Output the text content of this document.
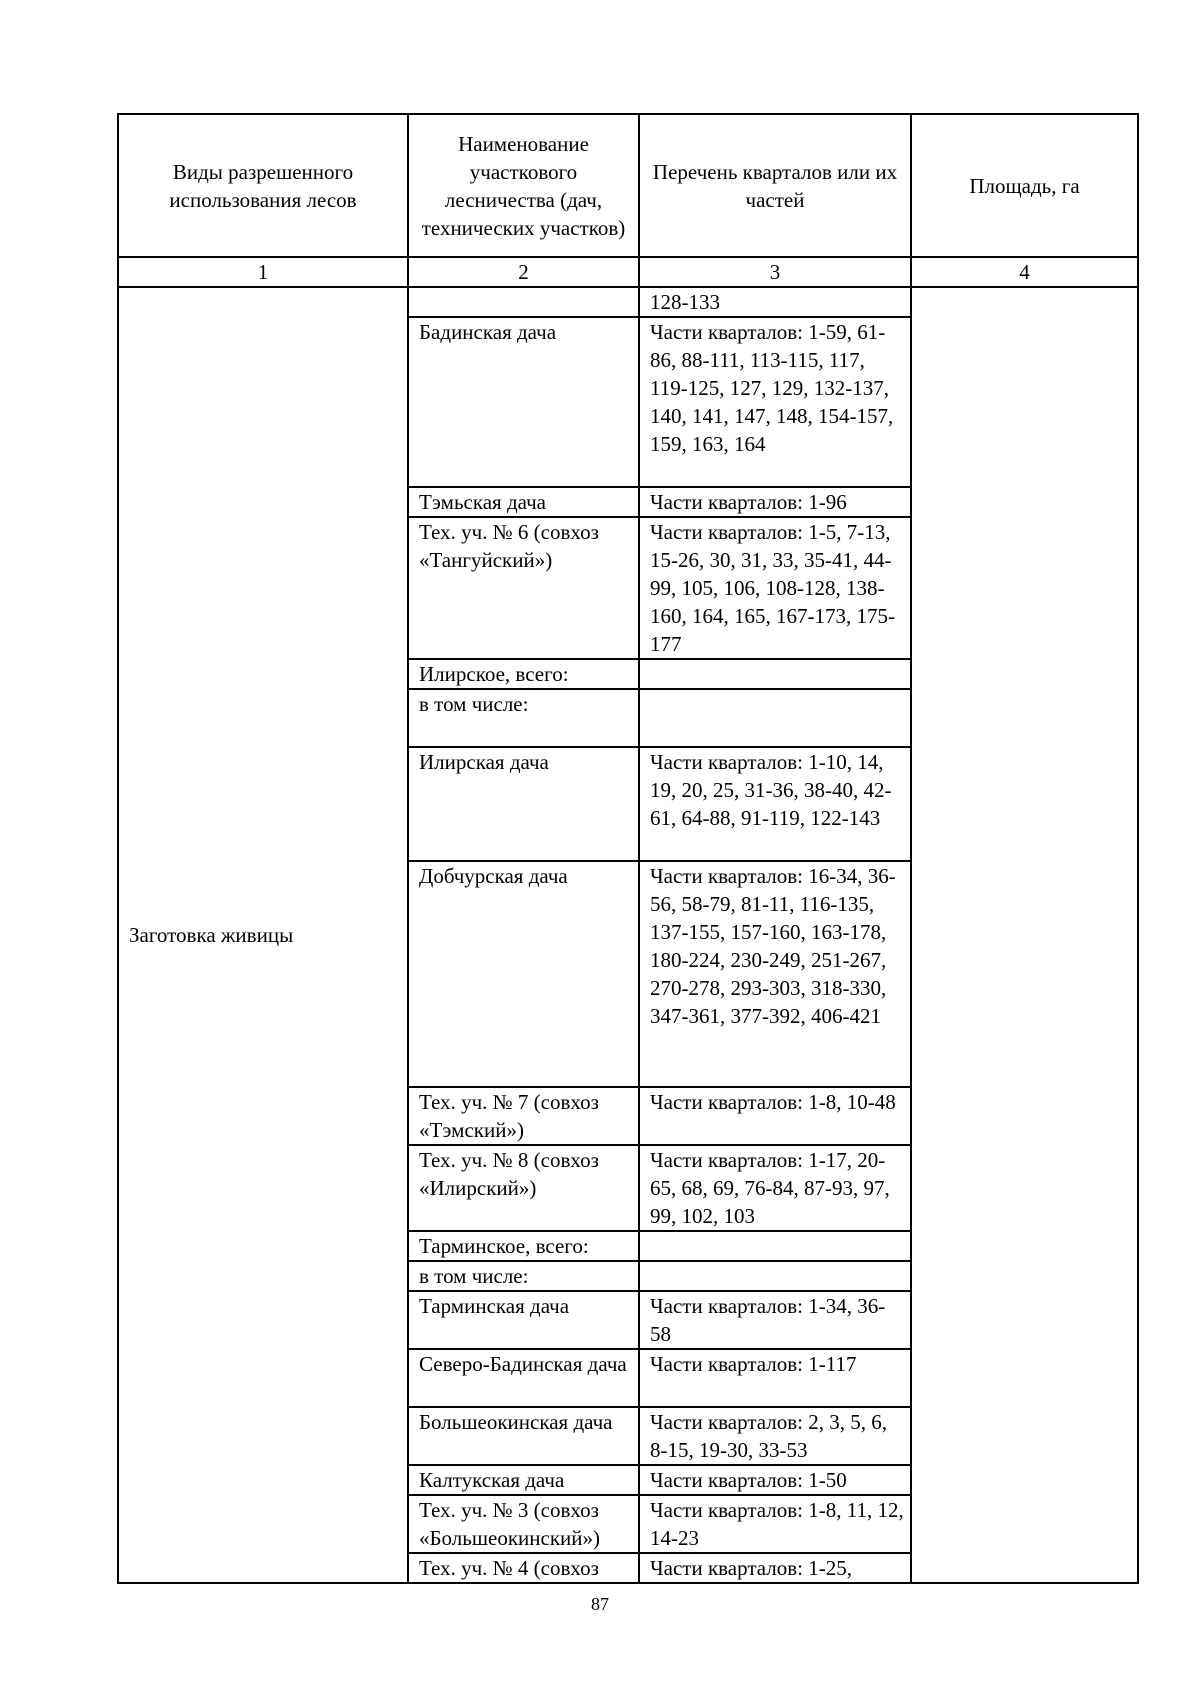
Виды разрешенного использования лесов	Наименование участкового лесничества (дач, технических участков)	Перечень кварталов или их частей	Площадь, га
1	2	3	4
Заготовка живицы		128-133	
	Бадинская дача	Части кварталов: 1-59, 61-86, 88-111, 113-115, 117, 119-125, 127, 129, 132-137, 140, 141, 147, 148, 154-157, 159, 163, 164	
	Тэмьская дача	Части кварталов: 1-96	
	Тех. уч. № 6 (совхоз «Тангуйский»)	Части кварталов: 1-5, 7-13, 15-26, 30, 31, 33, 35-41, 44-99, 105, 106, 108-128, 138-160, 164, 165, 167-173, 175-177	
	Илирское, всего:		
	в том числе:		
	Илирская дача	Части кварталов: 1-10, 14, 19, 20, 25, 31-36, 38-40, 42-61, 64-88, 91-119, 122-143	
	Добчурская дача	Части кварталов: 16-34, 36-56, 58-79, 81-11, 116-135, 137-155, 157-160, 163-178, 180-224, 230-249, 251-267, 270-278, 293-303, 318-330, 347-361, 377-392, 406-421	
	Тех. уч. № 7 (совхоз «Тэмский»)	Части кварталов: 1-8, 10-48	
	Тех. уч. № 8 (совхоз «Илирский»)	Части кварталов: 1-17, 20-65, 68, 69, 76-84, 87-93, 97, 99, 102, 103	
	Тарминское, всего:		
	в том числе:		
	Тарминская дача	Части кварталов: 1-34, 36-58	
	Северо-Бадинская дача	Части кварталов: 1-117	
	Большеокинская дача	Части кварталов: 2, 3, 5, 6, 8-15, 19-30, 33-53	
	Калтукская дача	Части кварталов: 1-50	
	Тех. уч. № 3 (совхоз «Большеокинский»)	Части кварталов: 1-8, 11, 12, 14-23	
	Тех. уч. № 4 (совхоз	Части кварталов: 1-25,	
87
